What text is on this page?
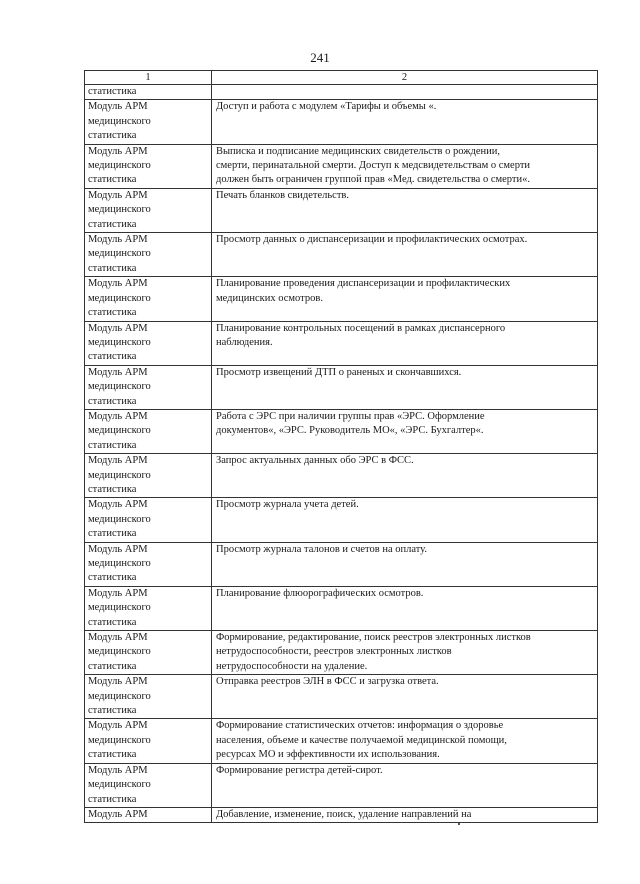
241
1	2

статистика	

Модуль АРМ
медицинского
статистика	Доступ и работа с модулем «Тарифы и объемы «.

Модуль АРМ
медицинского
статистика	Выписка и подписание медицинских свидетельств о рождении,
смерти, перинатальной смерти. Доступ к медсвидетельствам о смерти
должен быть ограничен группой прав «Мед. свидетельства о смерти«.

Модуль АРМ
медицинского
статистика	Печать бланков свидетельств.

Модуль АРМ
медицинского
статистика	Просмотр данных о диспансеризации и профилактических осмотрах.

Модуль АРМ
медицинского
статистика	Планирование проведения диспансеризации и профилактических
медицинских осмотров.

Модуль АРМ
медицинского
статистика	Планирование контрольных посещений в рамках диспансерного
наблюдения.

Модуль АРМ
медицинского
статистика	Просмотр извещений ДТП о раненых и скончавшихся.

Модуль АРМ
медицинского
статистика	Работа с ЭРС при наличии группы прав «ЭРС. Оформление
документов«, «ЭРС. Руководитель МО«, «ЭРС. Бухгалтер«.

Модуль АРМ
медицинского
статистика	Запрос актуальных данных обо ЭРС в ФСС.

Модуль АРМ
медицинского
статистика	Просмотр журнала учета детей.

Модуль АРМ
медицинского
статистика	Просмотр журнала талонов и счетов на оплату.

Модуль АРМ
медицинского
статистика	Планирование флюорографических осмотров.

Модуль АРМ
медицинского
статистика	Формирование, редактирование, поиск реестров электронных листков
нетрудоспособности, реестров электронных листков
нетрудоспособности на удаление.

Модуль АРМ
медицинского
статистика	Отправка реестров ЭЛН в ФСС и загрузка ответа.

Модуль АРМ
медицинского
статистика	Формирование статистических отчетов: информация о здоровье
населения, объеме и качестве получаемой медицинской помощи,
ресурсах МО и эффективности их использования.

Модуль АРМ
медицинского
статистика	Формирование регистра детей-сирот.

Модуль АРМ	Добавление, изменение, поиск, удаление направлений на
